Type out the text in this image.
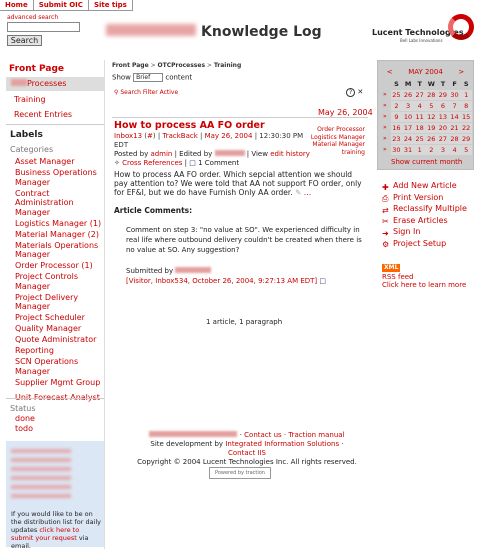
Home	Submit OIC	Site tips
advanced search
Search
Knowledge Log	Lucent Technologies
Bell Labs Innovations
Front Page
Processes
Training
Recent Entries
Labels
Categories
Asset Manager
Business Operations Manager
Contract Administration Manager
Logistics Manager (1)
Material Manager (2)
Materials Operations Manager
Order Processor (1)
Project Controls Manager
Project Delivery Manager
Project Scheduler
Quality Manager
Quote Administrator
Reporting
SCN Operations Manager
Supplier Mgmt Group
Status
done
todo
If you would like to be on the distribution list for daily updates click here to submit your request via email.
Front Page > OTCProcesses > Training
Show Brief content
⚲ Search Filter Active	? ✕
May 26, 2004
How to process AA FO order
Inbox13 (#) | TrackBack | May 26, 2004 | 12:30:30 PM EDT
Order Processor
Logistics Manager
Material Manager
training
Posted by admin | Edited by	| View edit history
✧ Cross References | □ 1 Comment
How to process AA FO order. Which sepcial attention we should pay attention to? We were told that AA not support FO order, only for EF&I, but we do have Furnish Only AA order. ✎ …
Article Comments:
Comment on step 3: "no value at SO". We experienced difficulty in real life where outbound delivery couldn't be created when there is no value at SO. Any suggestion?
Submitted by
[Visitor, Inbox534, October 26, 2004, 9:27:13 AM EDT] □
1 article, 1 paragraph
< MAY 2004 >
S M T W T	F	S
» 25 26 27 28 29 30 1
»	2	3	4	5	6	7	8
»	9 10 11 12 13 14 15
» 16 17 18 19 20 21 22
» 23 24 25 26 27 28 29
» 30 31 1	2	3	4	5
Show current month
✚ Add New Article
⎙ Print Version
⇄ Reclassify Multiple
✂ Erase Articles
➜ Sign In
⚙ Project Setup
XML
RSS feed
Click here to learn more
· Contact us · Traction manual
Site development by Integrated Information Solutions · Contact IIS
Copyright © 2004 Lucent Technologies Inc. All rights reserved.
Powered by traction
